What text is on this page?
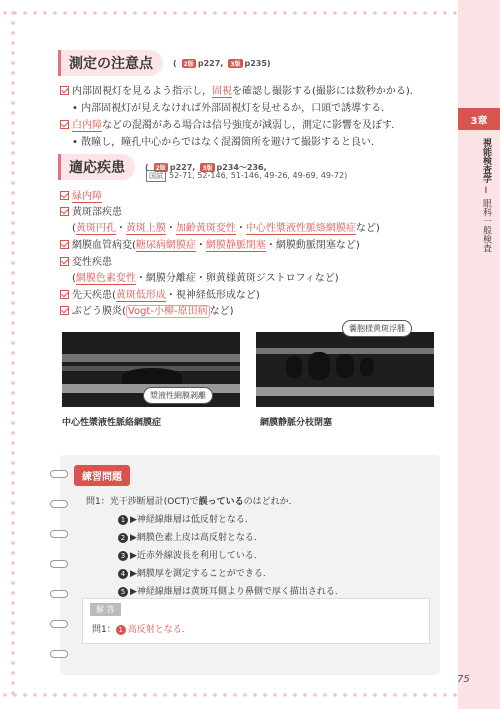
3章
視能検査学 Ⅰ 眼科一般検査
測定の注意点	(	2版 p227,	3版 p235)
内部固視灯を見るよう指示し，固視を確認し撮影する(撮影には数秒かかる)．
• 内部固視灯が見えなければ外部固視灯を見せるか，口頭で誘導する．
白内障などの混濁がある場合は信号強度が減弱し，測定に影響を及ぼす．
• 散瞳し，瞳孔中心からではなく混濁箇所を避けて撮影すると良い．
適応疾患	(	2版 p227,	3版 p234～236,
国試 52-71, 52-146, 51-146, 49-26, 49-69, 49-72)
緑内障
黄斑部疾患
(黄斑円孔・黄斑上膜・加齢黄斑変性・中心性漿液性脈絡網膜症など)
網膜血管病変(糖尿病網膜症・網膜静脈閉塞・網膜動脈閉塞など)
変性疾患
(網膜色素変性・網膜分離症・卵黄様黄斑ジストロフィなど)
先天疾患(黄斑低形成・視神経低形成など)
ぶどう膜炎( Vogt-小柳-原田病 など)
漿液性網膜剥離
嚢胞様黄斑浮腫
中心性漿液性脈絡網膜症	網膜静脈分枝閉塞
練習問題
問1：光干渉断層計(OCT)で誤っているのはどれか．
1 ▶神経線維層は低反射となる．
2 ▶網膜色素上皮は高反射となる．
3 ▶近赤外線波長を利用している．
4 ▶網膜厚を測定することができる．
5 ▶神経線維層は黄斑耳側より鼻側で厚く描出される．
解 答
問1： 1 高反射となる．
75
